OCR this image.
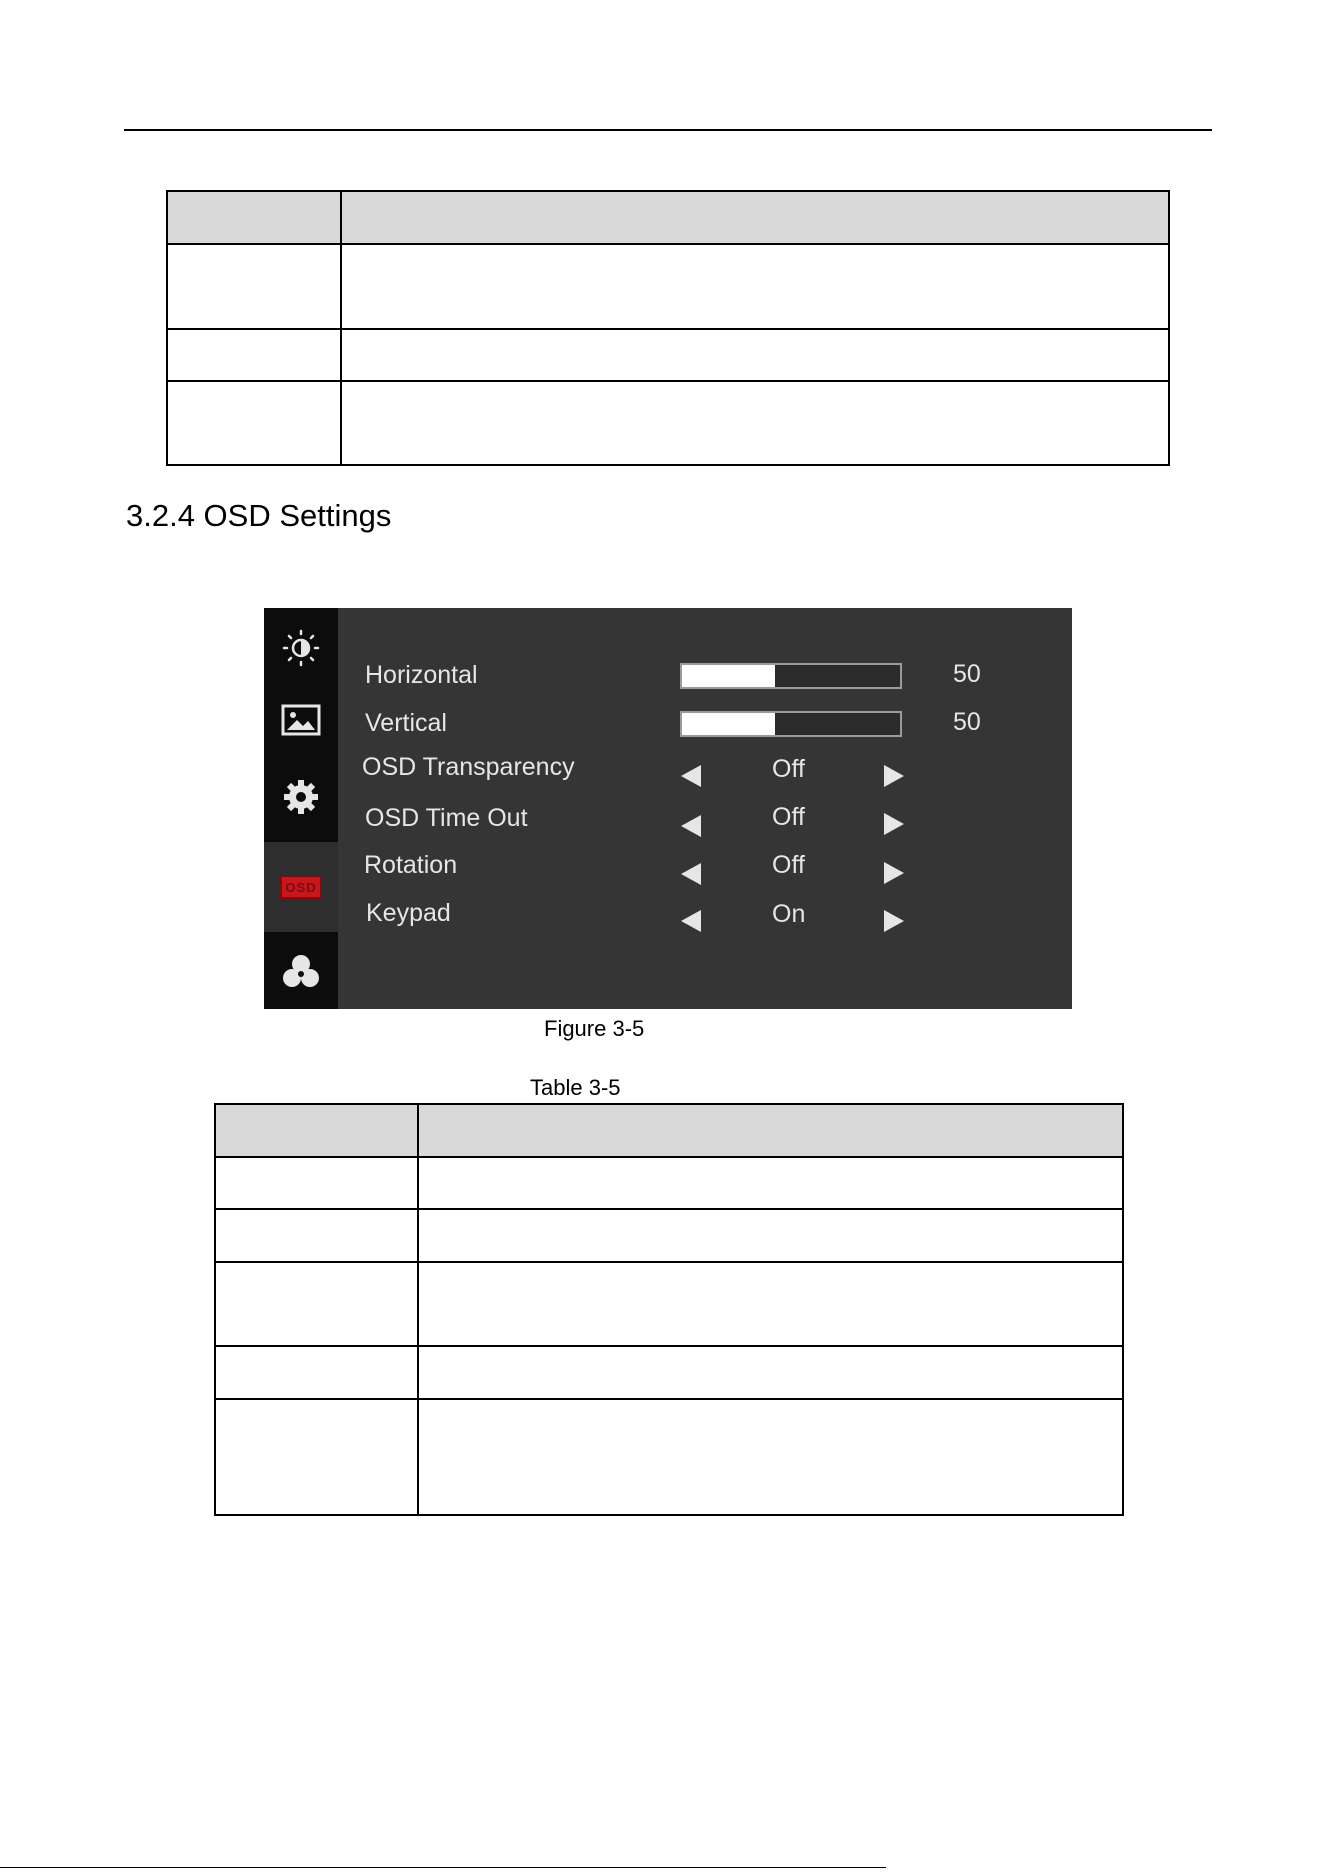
3.2.4 OSD Settings
OSD
Horizontal	50
Vertical	50
OSD Transparency	Off
OSD Time Out	Off
Rotation	Off
Keypad	On
Figure 3-5
Table 3-5
